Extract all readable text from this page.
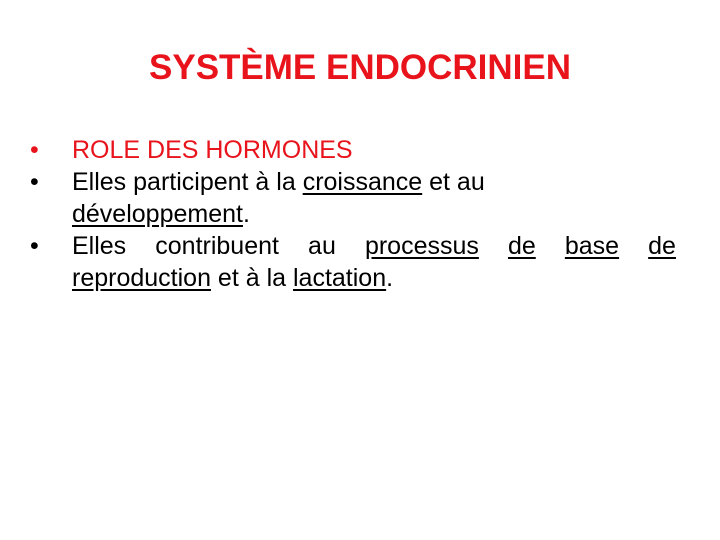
SYSTÈME ENDOCRINIEN
•	ROLE DES HORMONES
•	Elles participent à la croissance et au
développement.
•	Elles contribuent au processus de base de
reproduction et à la lactation.
